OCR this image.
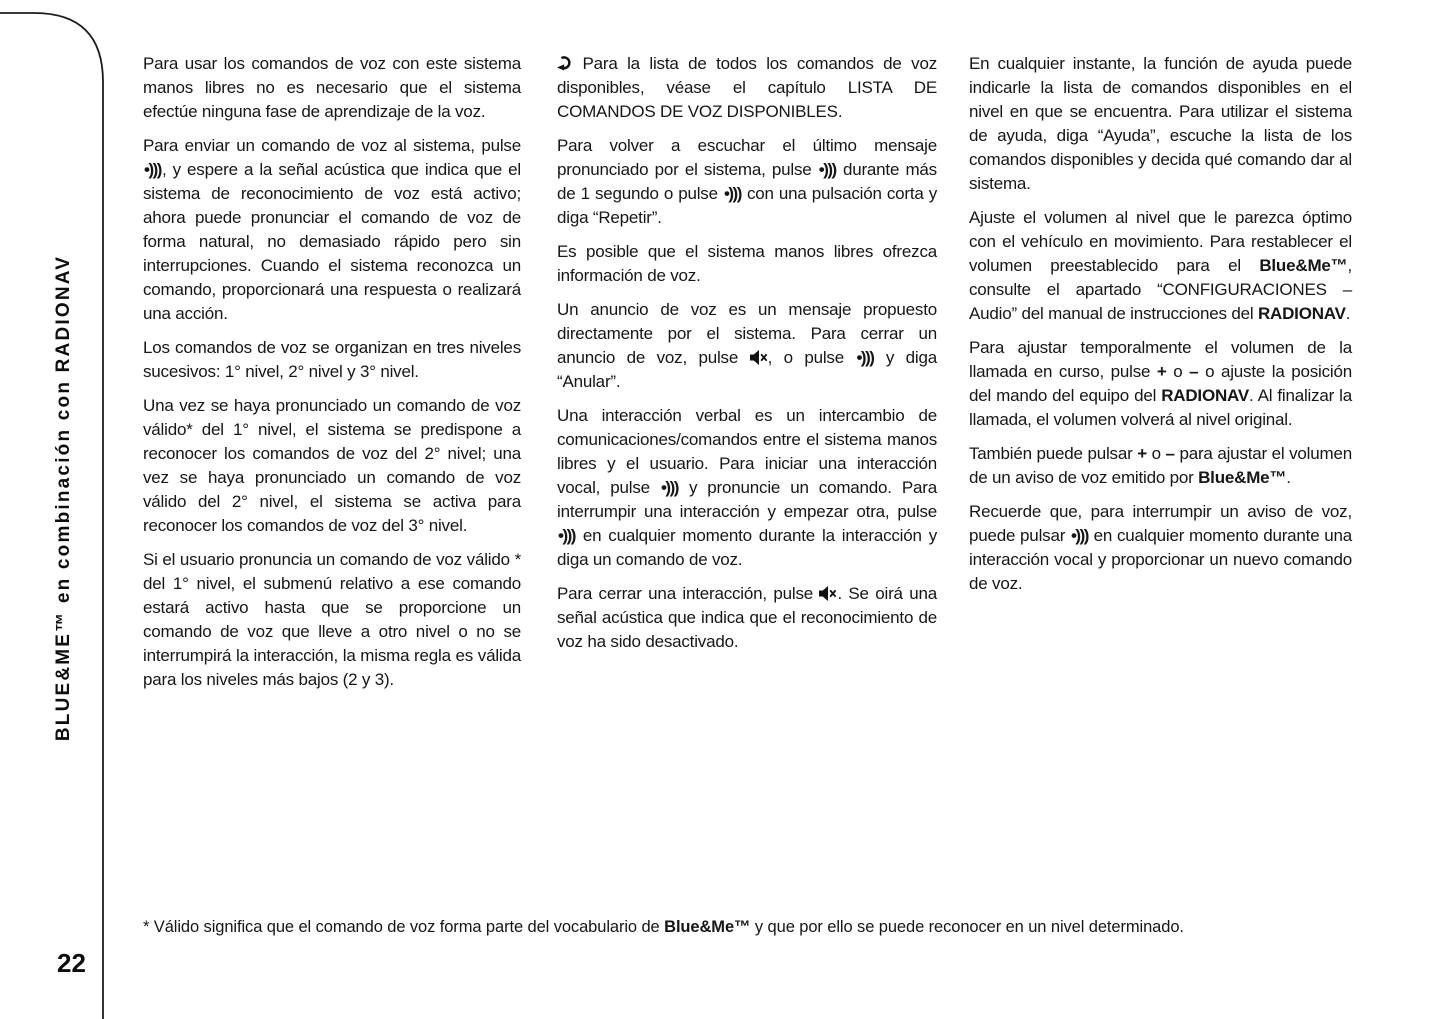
BLUE&ME™ en combinación con RADIONAV

Para usar los comandos de voz con este sistema manos libres no es necesario que el sistema efectúe ninguna fase de aprendizaje de la voz.

Para enviar un comando de voz al sistema, pulse •))), y espere a la señal acústica que indica que el sistema de reconocimiento de voz está activo; ahora puede pronunciar el comando de voz de forma natural, no demasiado rápido pero sin interrupciones. Cuando el sistema reconozca un comando, proporcionará una respuesta o realizará una acción.

Los comandos de voz se organizan en tres niveles sucesivos: 1° nivel, 2° nivel y 3° nivel.

Una vez se haya pronunciado un comando de voz válido* del 1° nivel, el sistema se predispone a reconocer los comandos de voz del 2° nivel; una vez se haya pronunciado un comando de voz válido del 2° nivel, el sistema se activa para reconocer los comandos de voz del 3° nivel.

Si el usuario pronuncia un comando de voz válido * del 1° nivel, el submenú relativo a ese comando estará activo hasta que se proporcione un comando de voz que lleve a otro nivel o no se interrumpirá la interacción, la misma regla es válida para los niveles más bajos (2 y 3).

Para la lista de todos los comandos de voz disponibles, véase el capítulo LISTA DE COMANDOS DE VOZ DISPONIBLES.

Para volver a escuchar el último mensaje pronunciado por el sistema, pulse •))) durante más de 1 segundo o pulse •))) con una pulsación corta y diga “Repetir”.

Es posible que el sistema manos libres ofrezca información de voz.

Un anuncio de voz es un mensaje propuesto directamente por el sistema. Para cerrar un anuncio de voz, pulse , o pulse •))) y diga “Anular”.

Una interacción verbal es un intercambio de comunicaciones/comandos entre el sistema manos libres y el usuario. Para iniciar una interacción vocal, pulse •))) y pronuncie un comando. Para interrumpir una interacción y empezar otra, pulse •))) en cualquier momento durante la interacción y diga un comando de voz.

Para cerrar una interacción, pulse . Se oirá una señal acústica que indica que el reconocimiento de voz ha sido desactivado.

En cualquier instante, la función de ayuda puede indicarle la lista de comandos disponibles en el nivel en que se encuentra. Para utilizar el sistema de ayuda, diga “Ayuda”, escuche la lista de los comandos disponibles y decida qué comando dar al sistema.

Ajuste el volumen al nivel que le parezca óptimo con el vehículo en movimiento. Para restablecer el volumen preestablecido para el Blue&Me™, consulte el apartado “CONFIGURACIONES – Audio” del manual de instrucciones del RADIONAV.

Para ajustar temporalmente el volumen de la llamada en curso, pulse + o – o ajuste la posición del mando del equipo del RADIONAV. Al finalizar la llamada, el volumen volverá al nivel original.

También puede pulsar + o – para ajustar el volumen de un aviso de voz emitido por Blue&Me™.

Recuerde que, para interrumpir un aviso de voz, puede pulsar •))) en cualquier momento durante una interacción vocal y proporcionar un nuevo comando de voz.

* Válido significa que el comando de voz forma parte del vocabulario de Blue&Me™ y que por ello se puede reconocer en un nivel determinado.
22
